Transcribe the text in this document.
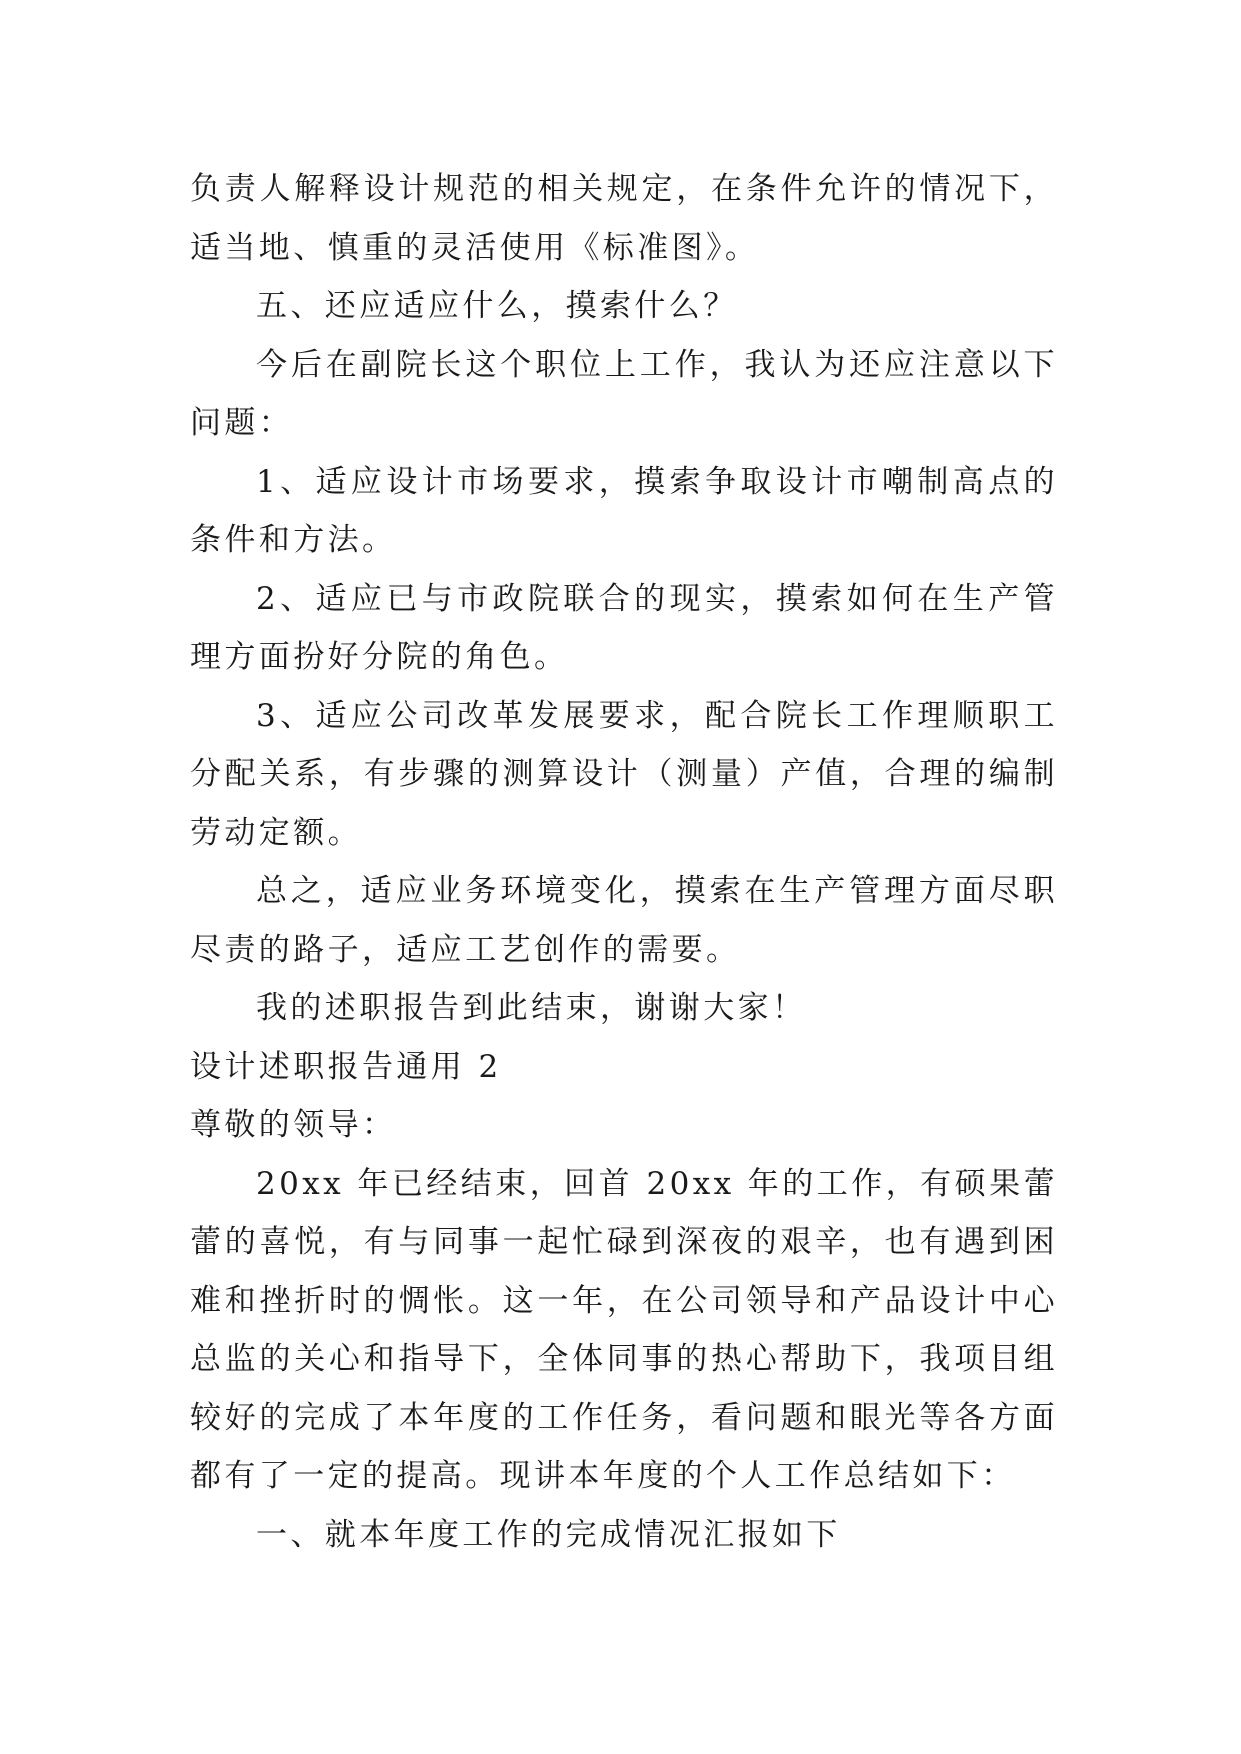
负责人解释设计规范的相关规定，在条件允许的情况下，适当地、慎重的灵活使用《标准图》。

五、还应适应什么，摸索什么？

今后在副院长这个职位上工作，我认为还应注意以下问题：

1、适应设计市场要求，摸索争取设计市嘲制高点的条件和方法。

2、适应已与市政院联合的现实，摸索如何在生产管理方面扮好分院的角色。

3、适应公司改革发展要求，配合院长工作理顺职工分配关系，有步骤的测算设计（测量）产值，合理的编制劳动定额。

总之，适应业务环境变化，摸索在生产管理方面尽职尽责的路子，适应工艺创作的需要。

我的述职报告到此结束，谢谢大家！

设计述职报告通用 2

尊敬的领导：

20xx 年已经结束，回首 20xx 年的工作，有硕果蕾蕾的喜悦，有与同事一起忙碌到深夜的艰辛，也有遇到困难和挫折时的惆怅。这一年，在公司领导和产品设计中心总监的关心和指导下，全体同事的热心帮助下，我项目组较好的完成了本年度的工作任务，看问题和眼光等各方面都有了一定的提高。现讲本年度的个人工作总结如下：

一、就本年度工作的完成情况汇报如下
